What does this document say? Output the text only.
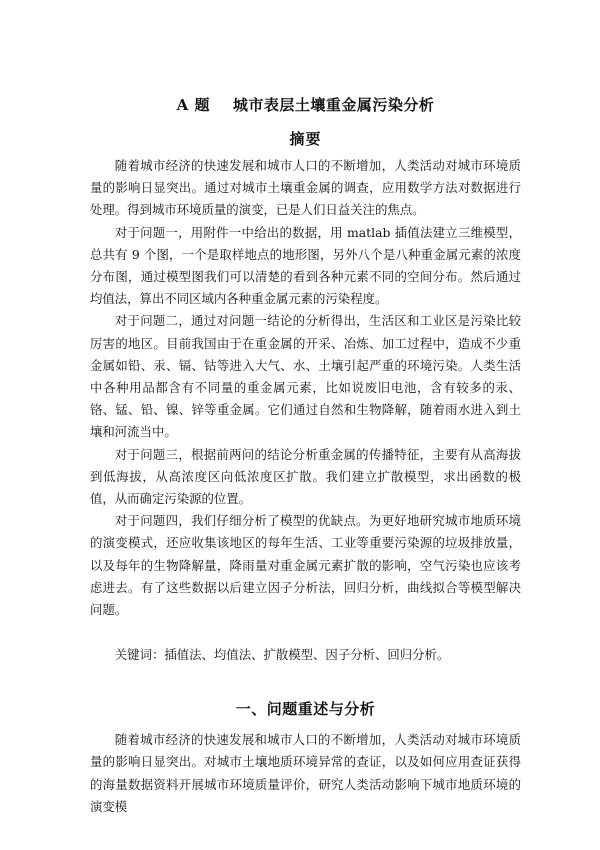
A 题    城市表层土壤重金属污染分析
摘要

随着城市经济的快速发展和城市人口的不断增加，人类活动对城市环境质量的影响日显突出。通过对城市土壤重金属的调查，应用数学方法对数据进行处理。得到城市环境质量的演变，已是人们日益关注的焦点。

对于问题一，用附件一中给出的数据，用 matlab 插值法建立三维模型，总共有 9 个图，一个是取样地点的地形图，另外八个是八种重金属元素的浓度分布图，通过模型图我们可以清楚的看到各种元素不同的空间分布。然后通过均值法，算出不同区域内各种重金属元素的污染程度。

对于问题二，通过对问题一结论的分析得出，生活区和工业区是污染比较厉害的地区。目前我国由于在重金属的开采、冶炼、加工过程中，造成不少重金属如铅、汞、镉、钴等进入大气、水、土壤引起严重的环境污染。人类生活中各种用品都含有不同量的重金属元素，比如说废旧电池，含有较多的汞、铬、锰、铅、镍、锌等重金属。它们通过自然和生物降解，随着雨水进入到土壤和河流当中。

对于问题三，根据前两问的结论分析重金属的传播特征，主要有从高海拔到低海拔，从高浓度区向低浓度区扩散。我们建立扩散模型，求出函数的极值，从而确定污染源的位置。

对于问题四，我们仔细分析了模型的优缺点。为更好地研究城市地质环境的演变模式，还应收集该地区的每年生活、工业等重要污染源的垃圾排放量，以及每年的生物降解量，降雨量对重金属元素扩散的影响，空气污染也应该考虑进去。有了这些数据以后建立因子分析法，回归分析，曲线拟合等模型解决问题。

关键词：插值法、均值法、扩散模型、因子分析、回归分析。

一、问题重述与分析

随着城市经济的快速发展和城市人口的不断增加，人类活动对城市环境质量的影响日显突出。对城市土壤地质环境异常的查证，以及如何应用查证获得的海量数据资料开展城市环境质量评价，研究人类活动影响下城市地质环境的演变模
